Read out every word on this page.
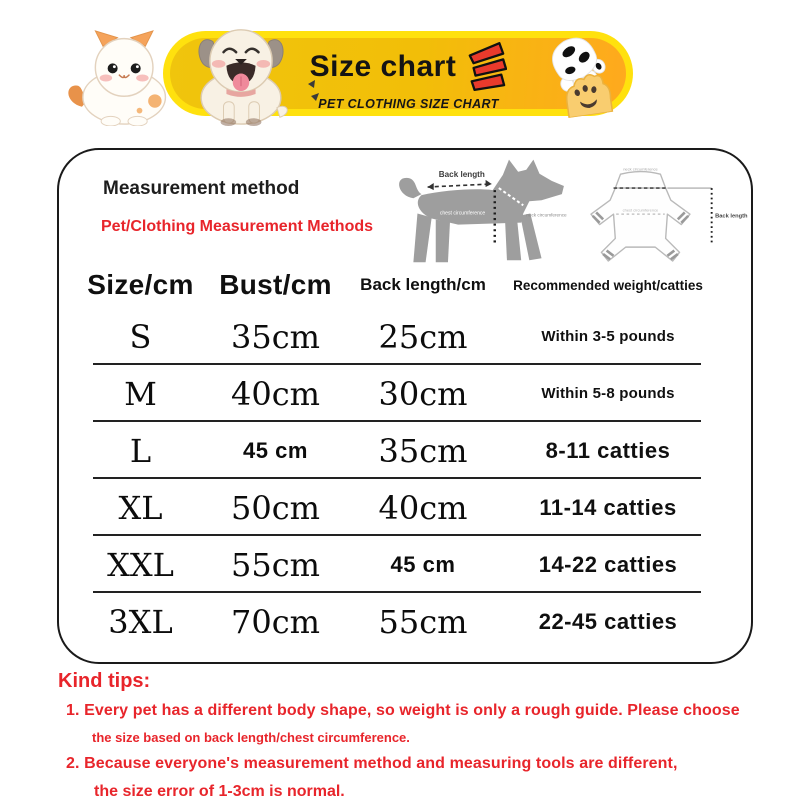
Size chart
PET CLOTHING SIZE CHART
Measurement method
Pet/Clothing Measurement Methods
Back length
chest circumference	neck circumference
neck circumference
chest circumference
Back length
Size/cm Bust/cm Back length/cm Recommended weight/catties
S 35cm 25cm	Within 3-5 pounds
M 40cm 30cm	Within 5-8 pounds
L	45 cm 35cm	8-11 catties
XL 50cm 40cm	11-14 catties
XXL 55cm	45 cm	14-22 catties
3XL 70cm 55cm	22-45 catties

Kind tips:

1. Every pet has a different body shape, so weight is only a rough guide. Please choose

the size based on back length/chest circumference.

2. Because everyone's measurement method and measuring tools are different,

the size error of 1-3cm is normal.
